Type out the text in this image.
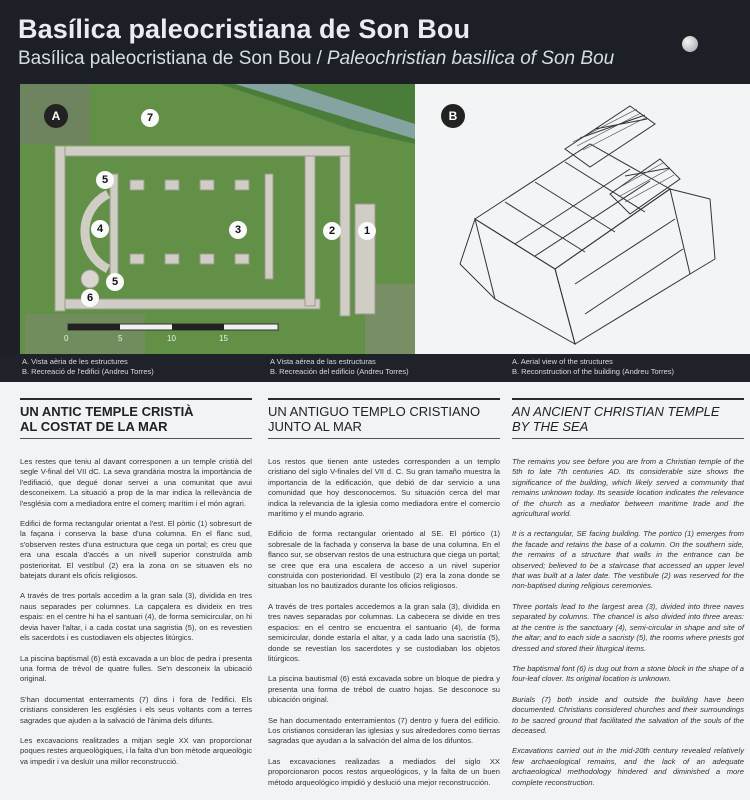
Basílica paleocristiana de Son Bou
Basílica paleocristiana de Son Bou / Paleochristian basilica of Son Bou
A	7
5
4	3	2	1
5
6
0	5	10	15
B
A. Vista aèria de les estructures
B. Recreació de l'edifici (Andreu Torres)
A Vista aérea de las estructuras
B. Recreación del edificio (Andreu Torres)
A. Aerial view of the structures
B. Reconstruction of the building (Andreu Torres)
UN ANTIC TEMPLE CRISTIÀ
AL COSTAT DE LA MAR

Les restes que teniu al davant corresponen a un temple cristià del segle V-final del VII dC. La seva grandària mostra la importància de l'edifiació, que degué donar servei a una comunitat que avui desconeixem. La situació a prop de la mar indica la rellevància de l'església com a mediadora entre el comerç marítim i el món agrari.

Edifici de forma rectangular orientat a l'est. El pòrtic (1) sobresurt de la façana i conserva la base d'una columna. En el flanc sud, s'observen restes d'una estructura que cega un portal; es creu que era una escala d'accés a un nivell superior construïda amb posterioritat. El vestíbul (2) era la zona on se situaven els no batejats durant els oficis religiosos.

A través de tres portals accedim a la gran sala (3), dividida en tres naus separades per columnes. La capçalera es divideix en tres espais: en el centre hi ha el santuari (4), de forma semicircular, on hi devia haver l'altar, i a cada costat una sagristia (5), on es revestien els sacerdots i es custodiaven els objectes litúrgics.

La piscina baptismal (6) està excavada a un bloc de pedra i presenta una forma de trèvol de quatre fulles. Se'n desconeix la ubicació original.

S'han documentat enterraments (7) dins i fora de l'edifici. Els cristians consideren les esglésies i els seus voltants com a terres sagrades que ajuden a la salvació de l'ànima dels difunts.

Les excavacions realitzades a mitjan segle XX van proporcionar poques restes arqueològiques, i la falta d'un bon mètode arqueològic va impedir i va desluïr una millor reconstrucció.

UN ANTIGUO TEMPLO CRISTIANO
JUNTO AL MAR

Los restos que tienen ante ustedes corresponden a un templo cristiano del siglo V-finales del VII d. C. Su gran tamaño muestra la importancia de la edificación, que debió de dar servicio a una comunidad que hoy desconocemos. Su situación cerca del mar indica la relevancia de la iglesia como mediadora entre el comercio marítimo y el mundo agrario.

Edificio de forma rectangular orientado al SE. El pórtico (1) sobresale de la fachada y conserva la base de una columna. En el flanco sur, se observan restos de una estructura que ciega un portal; se cree que era una escalera de acceso a un nivel superior construida con posterioridad. El vestíbulo (2) era la zona donde se situaban los no bautizados durante los oficios religiosos.

A través de tres portales accedemos a la gran sala (3), dividida en tres naves separadas por columnas. La cabecera se divide en tres espacios: en el centro se encuentra el santuario (4), de forma semicircular, donde estaría el altar, y a cada lado una sacristía (5), donde se revestían los sacerdotes y se custodiaban los objetos litúrgicos.

La piscina bautismal (6) está excavada sobre un bloque de piedra y presenta una forma de trébol de cuatro hojas. Se desconoce su ubicación original.

Se han documentado enterramientos (7) dentro y fuera del edificio. Los cristianos consideran las iglesias y sus alrededores como tierras sagradas que ayudan a la salvación del alma de los difuntos.

Las excavaciones realizadas a mediados del siglo XX proporcionaron pocos restos arqueológicos, y la falta de un buen método arqueológico impidió y deslució una mejor reconstrucción.

AN ANCIENT CHRISTIAN TEMPLE
BY THE SEA

The remains you see before you are from a Christian temple of the 5th to late 7th centuries AD. Its considerable size shows the significance of the building, which likely served a community that remains unknown today. Its seaside location indicates the relevance of the church as a mediator between maritime trade and the agricultural world.

It is a rectangular, SE facing building. The portico (1) emerges from the facade and retains the base of a column. On the southern side, the remains of a structure that walls in the entrance can be observed; believed to be a staircase that accessed an upper level that was built at a later date. The vestibule (2) was reserved for the non-baptised during religious ceremonies.

Three portals lead to the largest area (3), divided into three naves separated by columns. The chancel is also divided into three areas: at the centre is the sanctuary (4), semi-circular in shape and site of the altar; and to each side a sacristy (5), the rooms where priests got dressed and stored their liturgical items.

The baptismal font (6) is dug out from a stone block in the shape of a four-leaf clover. Its original location is unknown.

Burials (7) both inside and outside the building have been documented. Christians considered churches and their surroundings to be sacred ground that facilitated the salvation of the souls of the deceased.

Excavations carried out in the mid-20th century revealed relatively few archaeological remains, and the lack of an adequate archaeological methodology hindered and diminished a more complete reconstruction.
